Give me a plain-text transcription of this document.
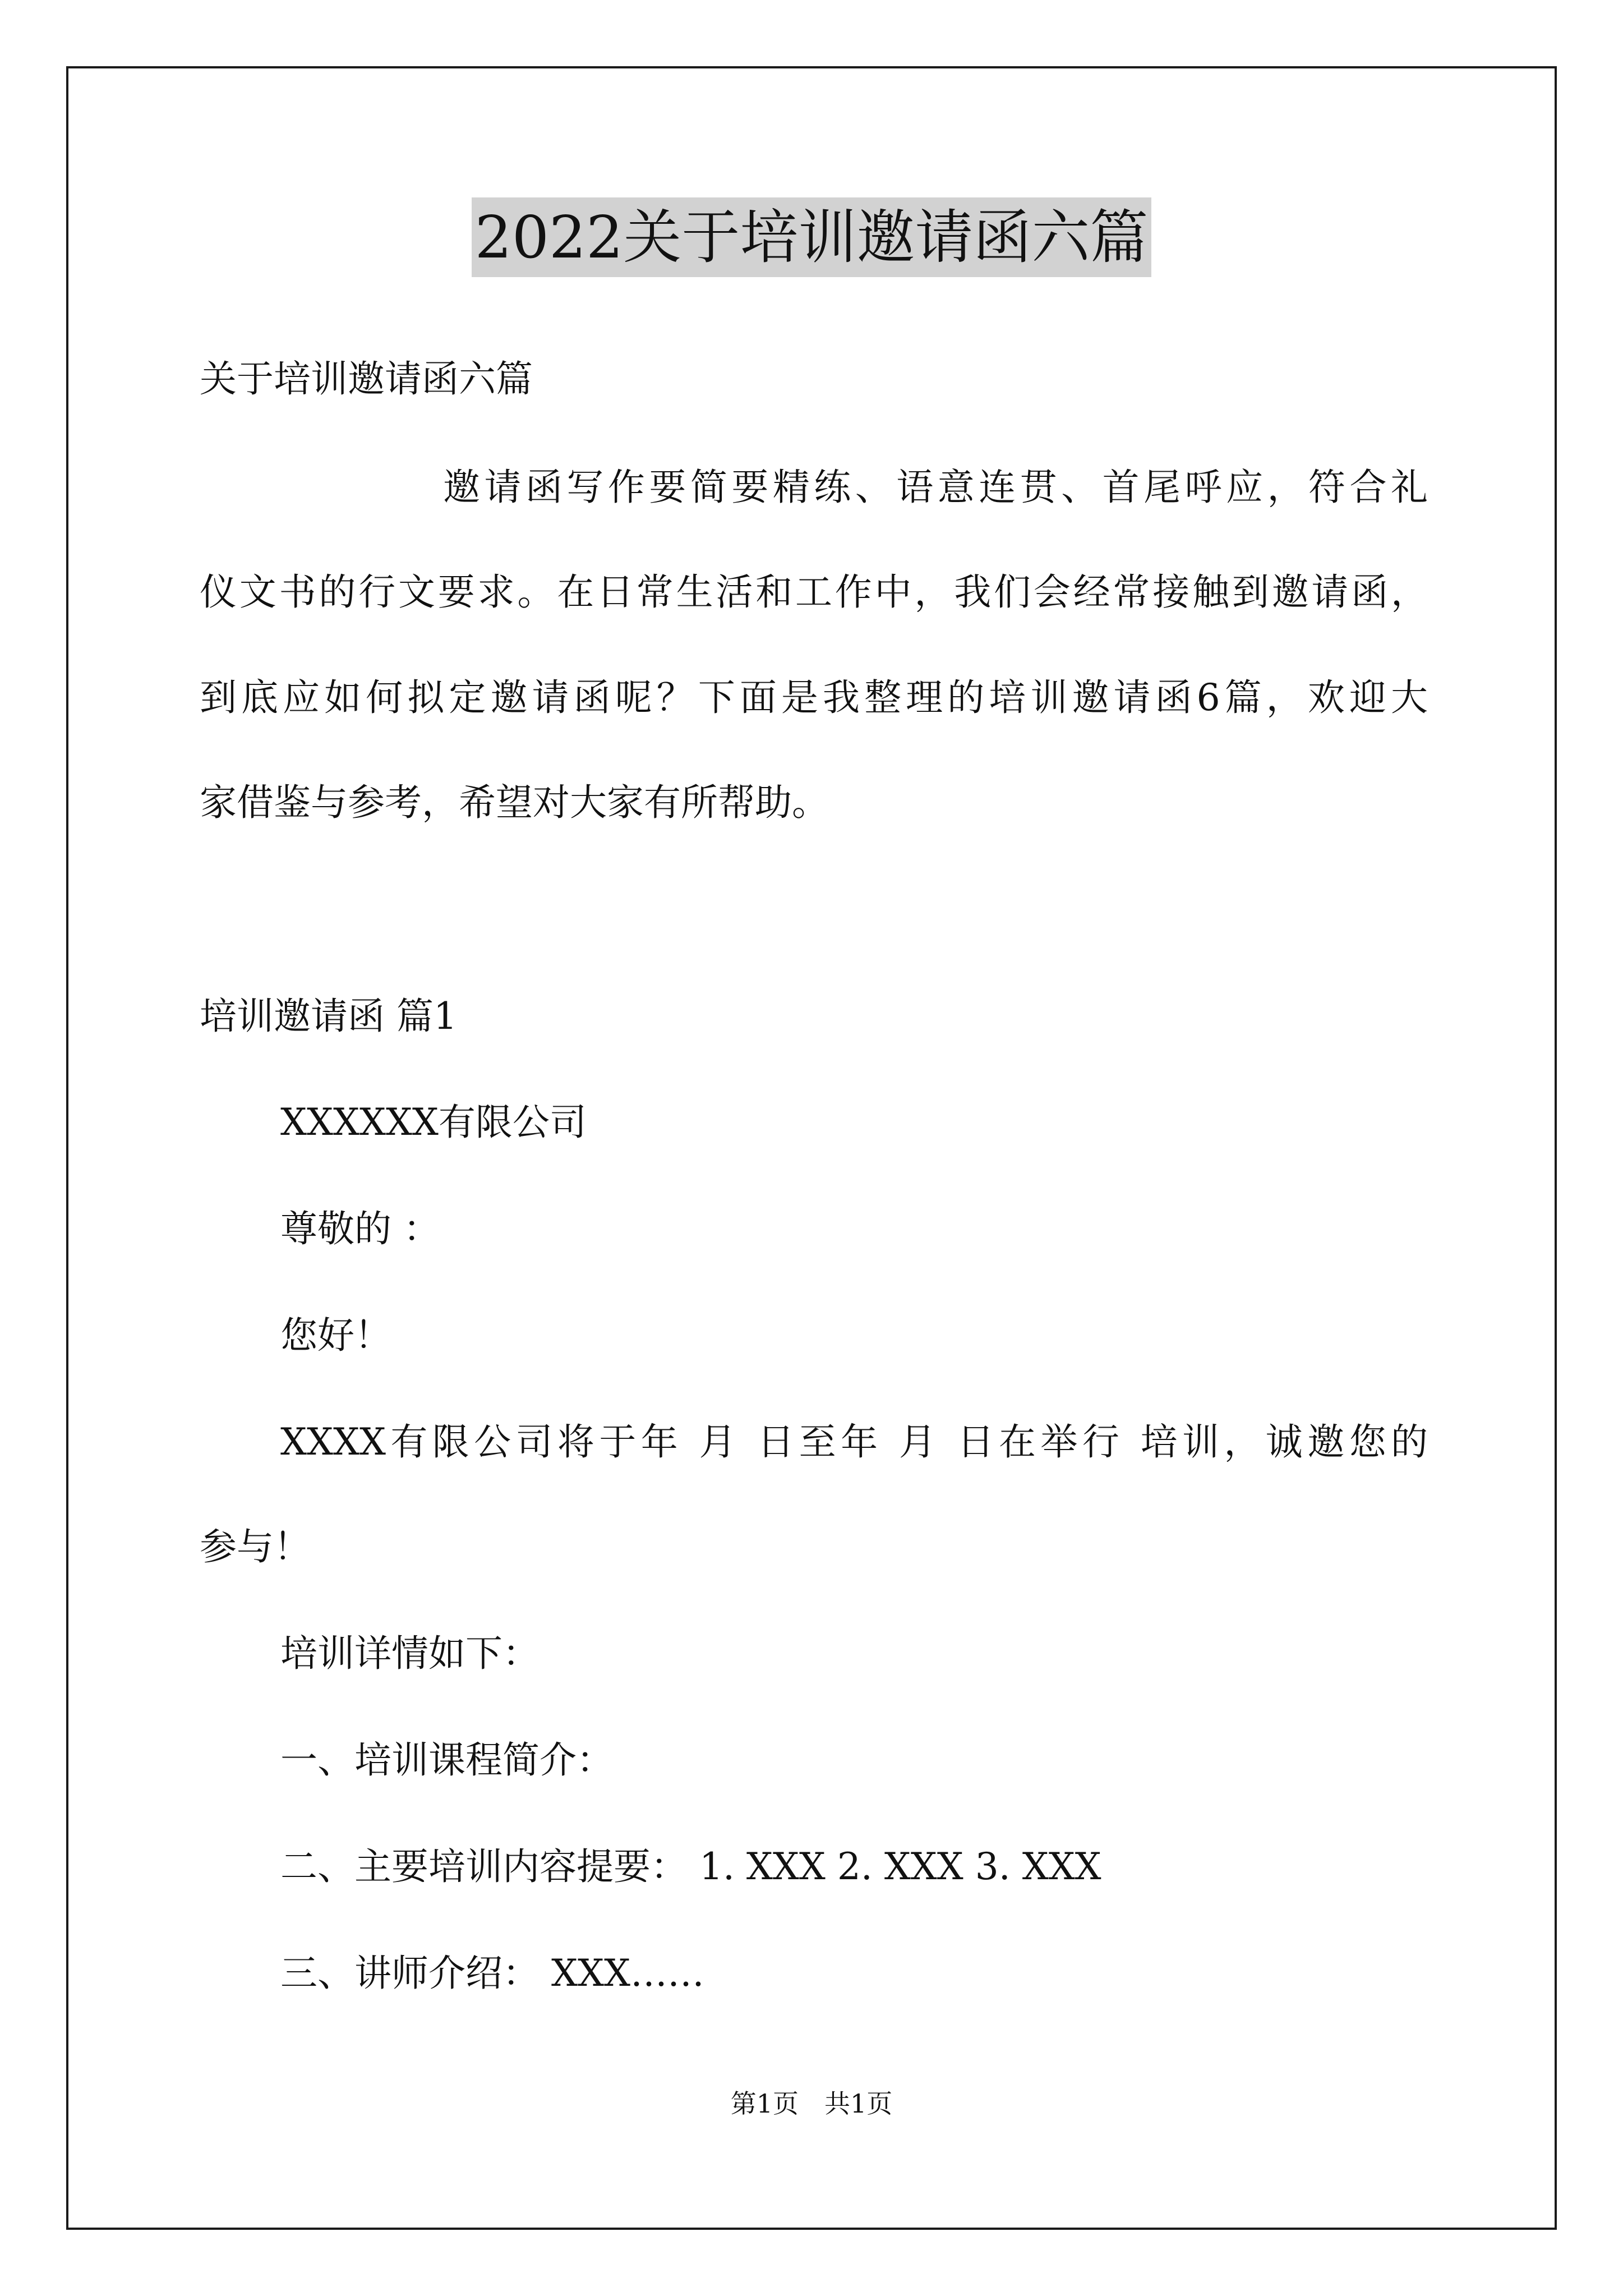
2022关于培训邀请函六篇

关于培训邀请函六篇

邀请函写作要简要精练、语意连贯、首尾呼应，符合礼

仪文书的行文要求。在日常生活和工作中，我们会经常接触到邀请函，

到底应如何拟定邀请函呢？下面是我整理的培训邀请函6篇，欢迎大

家借鉴与参考，希望对大家有所帮助。

培训邀请函 篇1

XXXXXX有限公司

尊敬的 ：

您好！

XXXX有限公司将于年 月 日至年 月 日在举行 培训，诚邀您的

参与！

培训详情如下：

一、培训课程简介：

二、主要培训内容提要： 1. XXX 2. XXX 3. XXX

三、讲师介绍： XXX……

第1页　共1页
